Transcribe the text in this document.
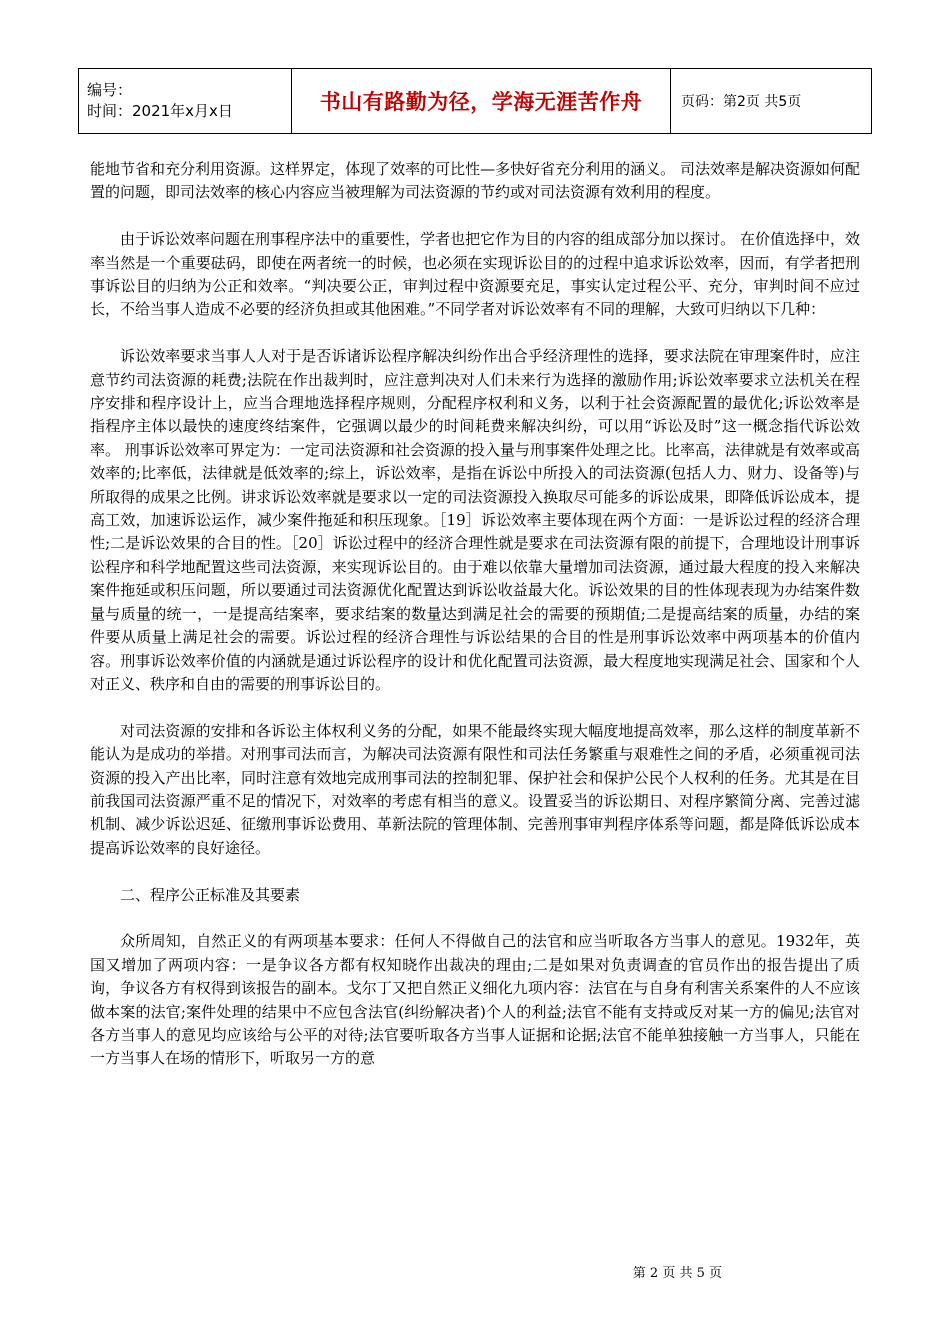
编号：
时间：2021年x月x日	书山有路勤为径，学海无涯苦作舟	页码：第2页 共5页

能地节省和充分利用资源。这样界定，体现了效率的可比性—多快好省充分利用的涵义。 司法效率是解决资源如何配置的问题，即司法效率的核心内容应当被理解为司法资源的节约或对司法资源有效利用的程度。

由于诉讼效率问题在刑事程序法中的重要性，学者也把它作为目的内容的组成部分加以探讨。 在价值选择中，效率当然是一个重要砝码，即使在两者统一的时候，也必须在实现诉讼目的的过程中追求诉讼效率，因而，有学者把刑事诉讼目的归纳为公正和效率。“判决要公正，审判过程中资源要充足，事实认定过程公平、充分，审判时间不应过长，不给当事人造成不必要的经济负担或其他困难。”不同学者对诉讼效率有不同的理解，大致可归纳以下几种：

诉讼效率要求当事人人对于是否诉诸诉讼程序解决纠纷作出合乎经济理性的选择，要求法院在审理案件时，应注意节约司法资源的耗费;法院在作出裁判时，应注意判决对人们未来行为选择的激励作用;诉讼效率要求立法机关在程序安排和程序设计上，应当合理地选择程序规则，分配程序权利和义务，以利于社会资源配置的最优化;诉讼效率是指程序主体以最快的速度终结案件，它强调以最少的时间耗费来解决纠纷，可以用“诉讼及时”这一概念指代诉讼效率。 刑事诉讼效率可界定为：一定司法资源和社会资源的投入量与刑事案件处理之比。比率高，法律就是有效率或高效率的;比率低，法律就是低效率的;综上，诉讼效率，是指在诉讼中所投入的司法资源(包括人力、财力、设备等)与所取得的成果之比例。讲求诉讼效率就是要求以一定的司法资源投入换取尽可能多的诉讼成果，即降低诉讼成本，提高工效，加速诉讼运作，减少案件拖延和积压现象。［19］诉讼效率主要体现在两个方面：一是诉讼过程的经济合理性;二是诉讼效果的合目的性。［20］诉讼过程中的经济合理性就是要求在司法资源有限的前提下，合理地设计刑事诉讼程序和科学地配置这些司法资源，来实现诉讼目的。由于难以依靠大量增加司法资源，通过最大程度的投入来解决案件拖延或积压问题，所以要通过司法资源优化配置达到诉讼收益最大化。诉讼效果的目的性体现表现为办结案件数量与质量的统一，一是提高结案率，要求结案的数量达到满足社会的需要的预期值;二是提高结案的质量，办结的案件要从质量上满足社会的需要。诉讼过程的经济合理性与诉讼结果的合目的性是刑事诉讼效率中两项基本的价值内容。刑事诉讼效率价值的内涵就是通过诉讼程序的设计和优化配置司法资源，最大程度地实现满足社会、国家和个人对正义、秩序和自由的需要的刑事诉讼目的。

对司法资源的安排和各诉讼主体权利义务的分配，如果不能最终实现大幅度地提高效率，那么这样的制度革新不能认为是成功的举措。对刑事司法而言，为解决司法资源有限性和司法任务繁重与艰难性之间的矛盾，必须重视司法资源的投入产出比率，同时注意有效地完成刑事司法的控制犯罪、保护社会和保护公民个人权利的任务。尤其是在目前我国司法资源严重不足的情况下，对效率的考虑有相当的意义。设置妥当的诉讼期日、对程序繁简分离、完善过滤机制、减少诉讼迟延、征缴刑事诉讼费用、革新法院的管理体制、完善刑事审判程序体系等问题，都是降低诉讼成本提高诉讼效率的良好途径。

二、程序公正标准及其要素

众所周知，自然正义的有两项基本要求：任何人不得做自己的法官和应当听取各方当事人的意见。1932年，英国又增加了两项内容：一是争议各方都有权知晓作出裁决的理由;二是如果对负责调查的官员作出的报告提出了质询，争议各方有权得到该报告的副本。戈尔丁又把自然正义细化九项内容：法官在与自身有利害关系案件的人不应该做本案的法官;案件处理的结果中不应包含法官(纠纷解决者)个人的利益;法官不能有支持或反对某一方的偏见;法官对各方当事人的意见均应该给与公平的对待;法官要听取各方当事人证据和论据;法官不能单独接触一方当事人，只能在一方当事人在场的情形下，听取另一方的意

第 2 页 共 5 页
